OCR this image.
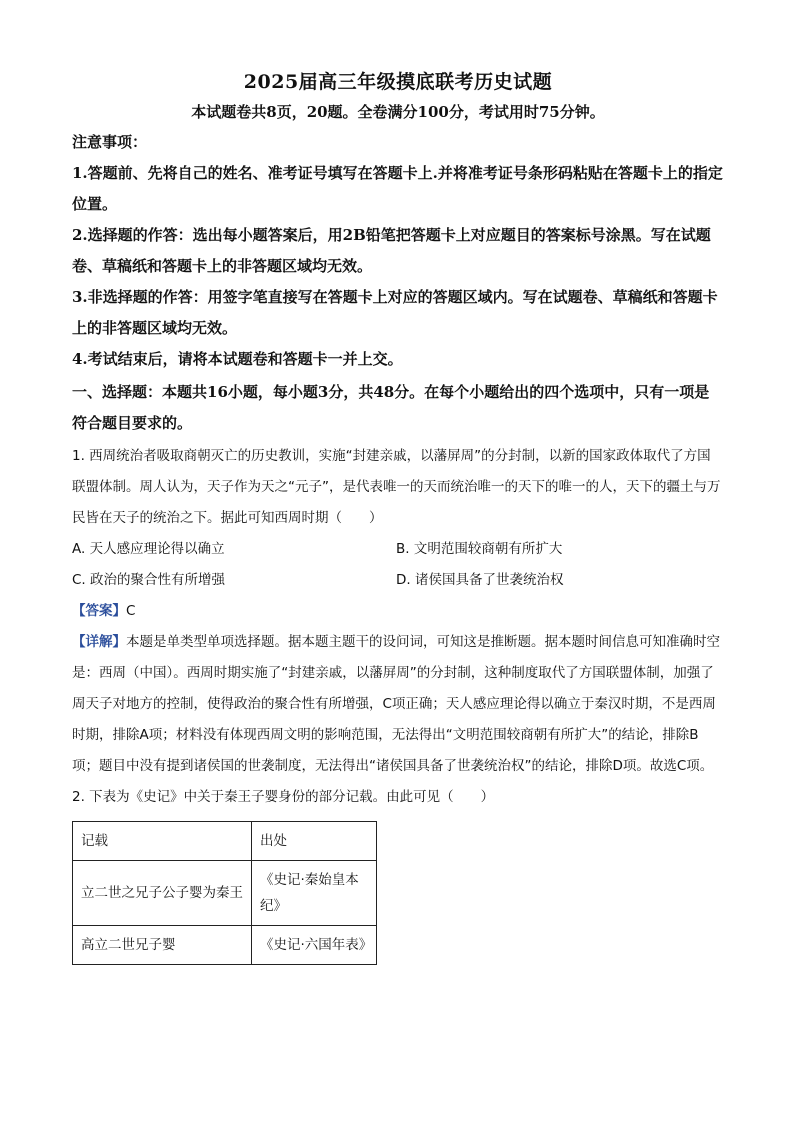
2025届高三年级摸底联考历史试题

本试题卷共8页，20题。全卷满分100分，考试用时75分钟。

注意事项：

1.答题前、先将自己的姓名、准考证号填写在答题卡上.并将准考证号条形码粘贴在答题卡上的指定位置。

2.选择题的作答：选出每小题答案后，用2B铅笔把答题卡上对应题目的答案标号涂黑。写在试题卷、草稿纸和答题卡上的非答题区域均无效。

3.非选择题的作答：用签字笔直接写在答题卡上对应的答题区域内。写在试题卷、草稿纸和答题卡上的非答题区域均无效。

4.考试结束后，请将本试题卷和答题卡一并上交。

一、选择题：本题共16小题，每小题3分，共48分。在每个小题给出的四个选项中，只有一项是符合题目要求的。

1. 西周统治者吸取商朝灭亡的历史教训，实施“封建亲戚，以藩屏周”的分封制，以新的国家政体取代了方国联盟体制。周人认为，天子作为天之“元子”，是代表唯一的天而统治唯一的天下的唯一的人，天下的疆土与万民皆在天子的统治之下。据此可知西周时期（　　）

A. 天人感应理论得以确立	B. 文明范围较商朝有所扩大
C. 政治的聚合性有所增强	D. 诸侯国具备了世袭统治权

【答案】C

【详解】本题是单类型单项选择题。据本题主题干的设问词，可知这是推断题。据本题时间信息可知准确时空是：西周（中国）。西周时期实施了“封建亲戚，以藩屏周”的分封制，这种制度取代了方国联盟体制，加强了周天子对地方的控制，使得政治的聚合性有所增强，C项正确；天人感应理论得以确立于秦汉时期，不是西周时期，排除A项；材料没有体现西周文明的影响范围，无法得出“文明范围较商朝有所扩大”的结论，排除B项；题目中没有提到诸侯国的世袭制度，无法得出“诸侯国具备了世袭统治权”的结论，排除D项。故选C项。

2. 下表为《史记》中关于秦王子婴身份的部分记载。由此可见（　　）

记载	出处
立二世之兄子公子婴为秦王	《史记·秦始皇本纪》
高立二世兄子婴	《史记·六国年表》
